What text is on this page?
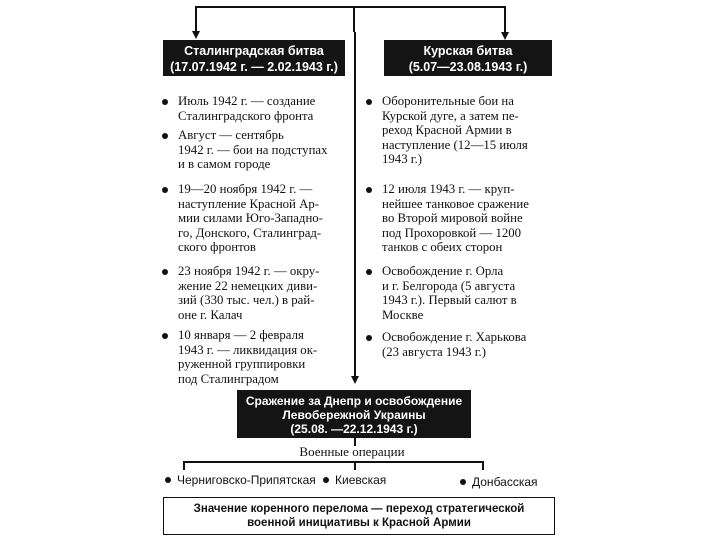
Сталинградская битва
(17.07.1942 г. — 2.02.1943 г.)
Курская битва
(5.07—23.08.1943 г.)
Июль 1942 г. — создание
Сталинградского фронта
Август — сентябрь
1942 г. — бои на подступах
и в самом городе
19—20 ноября 1942 г. —
наступление Красной Ар-
мии силами Юго-Западно-
го, Донского, Сталинград-
ского фронтов
23 ноября 1942 г. — окру-
жение 22 немецких диви-
зий (330 тыс. чел.) в рай-
оне г. Калач
10 января — 2 февраля
1943 г. — ликвидация ок-
руженной группировки
под Сталинградом
Оборонительные бои на
Курской дуге, а затем пе-
реход Красной Армии в
наступление (12—15 июля
1943 г.)
12 июля 1943 г. — круп-
нейшее танковое сражение
во Второй мировой войне
под Прохоровкой — 1200
танков с обеих сторон
Освобождение г. Орла
и г. Белгорода (5 августа
1943 г.). Первый салют в
Москве
Освобождение г. Харькова
(23 августа 1943 г.)
Сражение за Днепр и освобождение
Левобережной Украины
(25.08. —22.12.1943 г.)
Военные операции
Черниговско-Припятская	Киевская	Донбасская
Значение коренного перелома — переход стратегической
военной инициативы к Красной Армии
